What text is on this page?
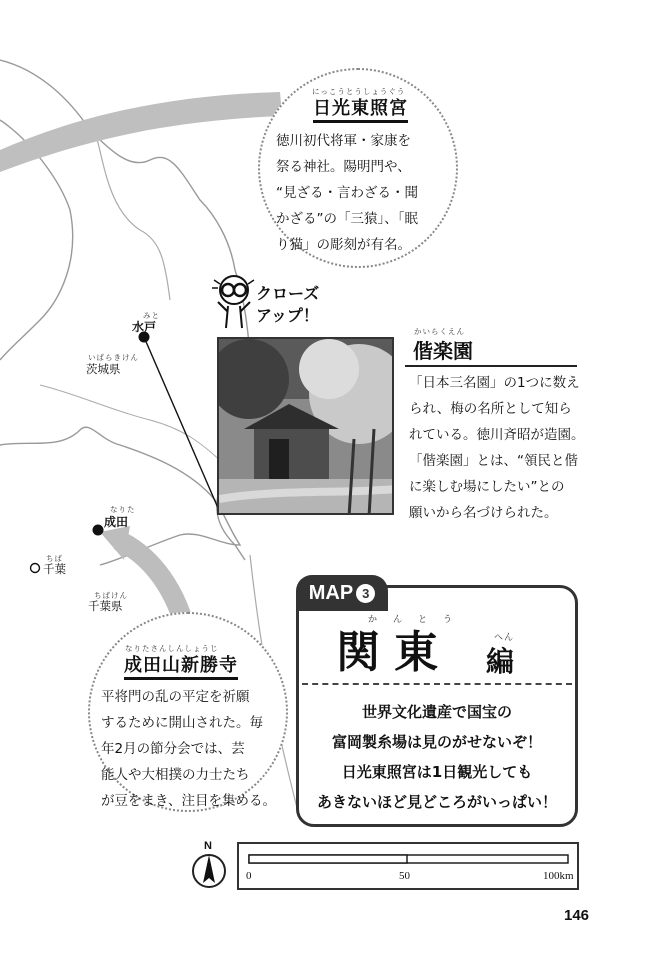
にっこうとうしょうぐう
日光東照宮
徳川初代将軍・家康を
祭る神社。陽明門や、
“見ざる・言わざる・聞
かざる”の「三猿」、「眠
り猫」の彫刻が有名。
クローズ
アップ！
みと
水戸
いばらきけん
茨城県
なりた
成田
ちば
千葉
ちばけん
千葉県
かいらくえん
偕楽園
「日本三名園」の1つに数え
られ、梅の名所として知ら
れている。徳川斉昭が造園。
「偕楽園」とは、“領民と偕
に楽しむ場にしたい”との
願いから名づけられた。
なりたさんしんしょうじ
成田山新勝寺
平将門の乱の平定を祈願
するために開山された。毎
年2月の節分会では、芸
能人や大相撲の力士たち
が豆をまき、注目を集める。
MAP 3
かんとう
関東	へん
編
世界文化遺産で国宝の
富岡製糸場は見のがせないぞ！
日光東照宮は1日観光しても
あきないほど見どころがいっぱい！
N
0	50	100km
146
